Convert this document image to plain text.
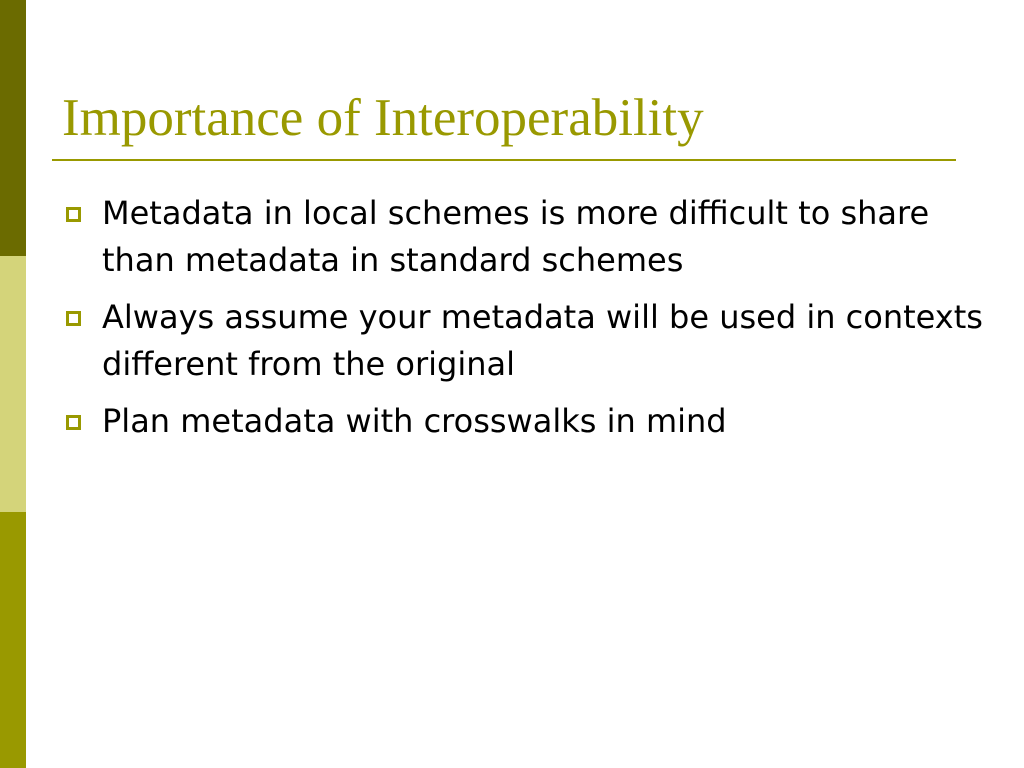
Importance of Interoperability
Metadata in local schemes is more difficult to share than metadata in standard schemes
Always assume your metadata will be used in contexts different from the original
Plan metadata with crosswalks in mind
